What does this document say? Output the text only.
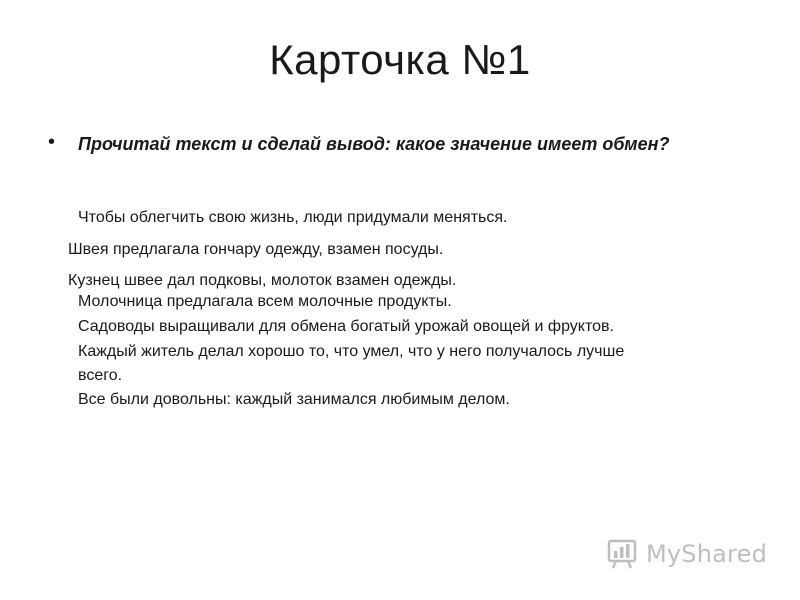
Карточка №1
• Прочитай текст и сделай вывод: какое значение имеет обмен?
Чтобы облегчить свою жизнь, люди придумали меняться.
Швея предлагала гончару одежду, взамен посуды.
Кузнец швее дал подковы, молоток взамен одежды.
Молочница предлагала всем молочные продукты.
Садоводы выращивали для обмена богатый урожай овощей и фруктов.
Каждый житель делал хорошо то, что умел, что у него получалось лучше
всего.
Все были довольны: каждый занимался любимым делом.
MyShared
